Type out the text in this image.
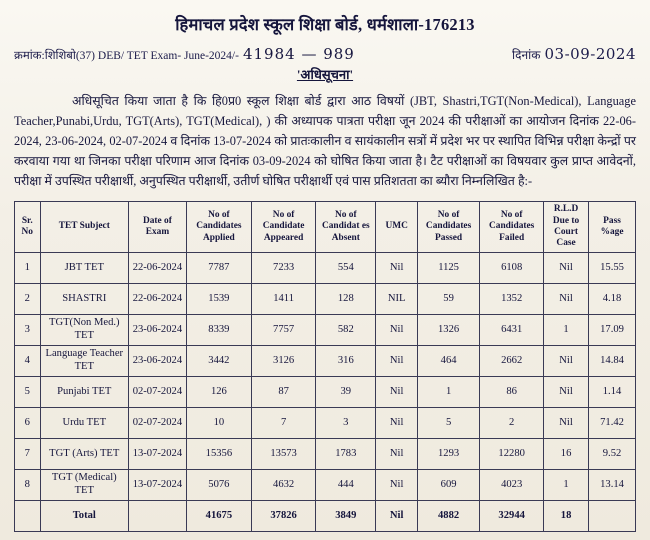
हिमाचल प्रदेश स्कूल शिक्षा बोर्ड, धर्मशाला-176213
क्रमांक:शिशिबो(37) DEB/ TET Exam- June-2024/- 41984 — 989	दिनांक 03-09-2024
'अधिसूचना'
अधिसूचित किया जाता है कि हि0प्र0 स्कूल शिक्षा बोर्ड द्वारा आठ विषयों (JBT, Shastri,TGT(Non-Medical), Language Teacher,Punabi,Urdu, TGT(Arts), TGT(Medical), ) की अध्यापक पात्रता परीक्षा जून 2024 की परीक्षाओं का आयोजन दिनांक 22-06-2024, 23-06-2024, 02-07-2024 व दिनांक 13-07-2024 को प्रातःकालीन व सायंकालीन सत्रों में प्रदेश भर पर स्थापित विभिन्न परीक्षा केन्द्रों पर करवाया गया था जिनका परीक्षा परिणाम आज दिनांक 03-09-2024 को घोषित किया जाता है। टैट परीक्षाओं का विषयवार कुल प्राप्त आवेदनों, परीक्षा में उपस्थित परीक्षार्थी, अनुपस्थित परीक्षार्थी, उतीर्ण घोषित परीक्षार्थी एवं पास प्रतिशतता का ब्यौरा निम्नलिखित है:-
Sr. No	TET Subject	Date of Exam	No of Candidates Applied	No of Candidate Appeared	No of Candidat es Absent	UMC	No of Candidates Passed	No of Candidates Failed	R.L.D Due to Court Case	Pass %age
1	JBT TET	22-06-2024	7787	7233	554	Nil	1125	6108	Nil	15.55
2	SHASTRI	22-06-2024	1539	1411	128	NIL	59	1352	Nil	4.18
3	TGT(Non Med.) TET	23-06-2024	8339	7757	582	Nil	1326	6431	1	17.09
4	Language Teacher TET	23-06-2024	3442	3126	316	Nil	464	2662	Nil	14.84
5	Punjabi TET	02-07-2024	126	87	39	Nil	1	86	Nil	1.14
6	Urdu TET	02-07-2024	10	7	3	Nil	5	2	Nil	71.42
7	TGT (Arts) TET	13-07-2024	15356	13573	1783	Nil	1293	12280	16	9.52
8	TGT (Medical) TET	13-07-2024	5076	4632	444	Nil	609	4023	1	13.14
	Total		41675	37826	3849	Nil	4882	32944	18	
